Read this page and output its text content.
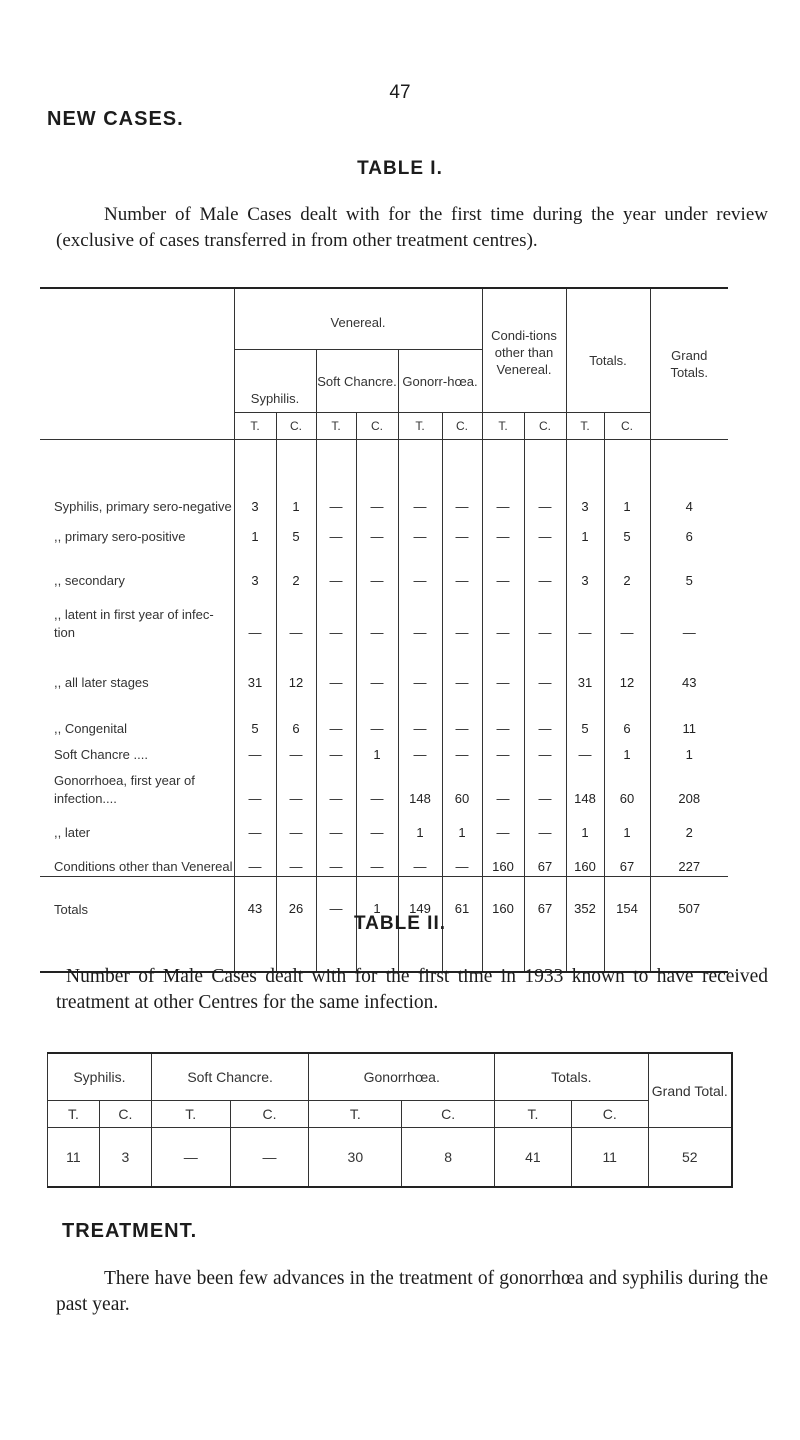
47
NEW CASES.
TABLE I.
Number of Male Cases dealt with for the first time during the year under review (exclusive of cases transferred in from other treatment centres).
	Venereal.						Condi-tions other than Venereal.		Totals.		Grand Totals.
	Syphilis.		Soft Chancre.		Gonorr-hœa.						
	T.	C.	T.	C.	T.	C.	T.	C.	T.	C.	
Syphilis, primary sero-negative	3	1	—	—	—	—	—	—	3	1	4
,, primary sero-positive	1	5	—	—	—	—	—	—	1	5	6
,, secondary	3	2	—	—	—	—	—	—	3	2	5
,, latent in first year of infec-tion	—	—	—	—	—	—	—	—	—	—	—
,, all later stages	31	12	—	—	—	—	—	—	31	12	43
,, Congenital	5	6	—	—	—	—	—	—	5	6	11
Soft Chancre ....	—	—	—	1	—	—	—	—	—	1	1
Gonorrhoea, first year of infection....	—	—	—	—	148	60	—	—	148	60	208
,, later	—	—	—	—	1	1	—	—	1	1	2
Conditions other than Venereal	—	—	—	—	—	—	160	67	160	67	227
Totals	43	26	—	1	149	61	160	67	352	154	507
TABLE II.
Number of Male Cases dealt with for the first time in 1933 known to have received treatment at other Centres for the same infection.
Syphilis.		Soft Chancre.		Gonorrhœa.		Totals.		Grand Total.
T.	C.	T.	C.	T.	C.	T.	C.	
11	3	—	—	30	8	41	11	52
TREATMENT.
There have been few advances in the treatment of gonorrhœa and syphilis during the past year.
